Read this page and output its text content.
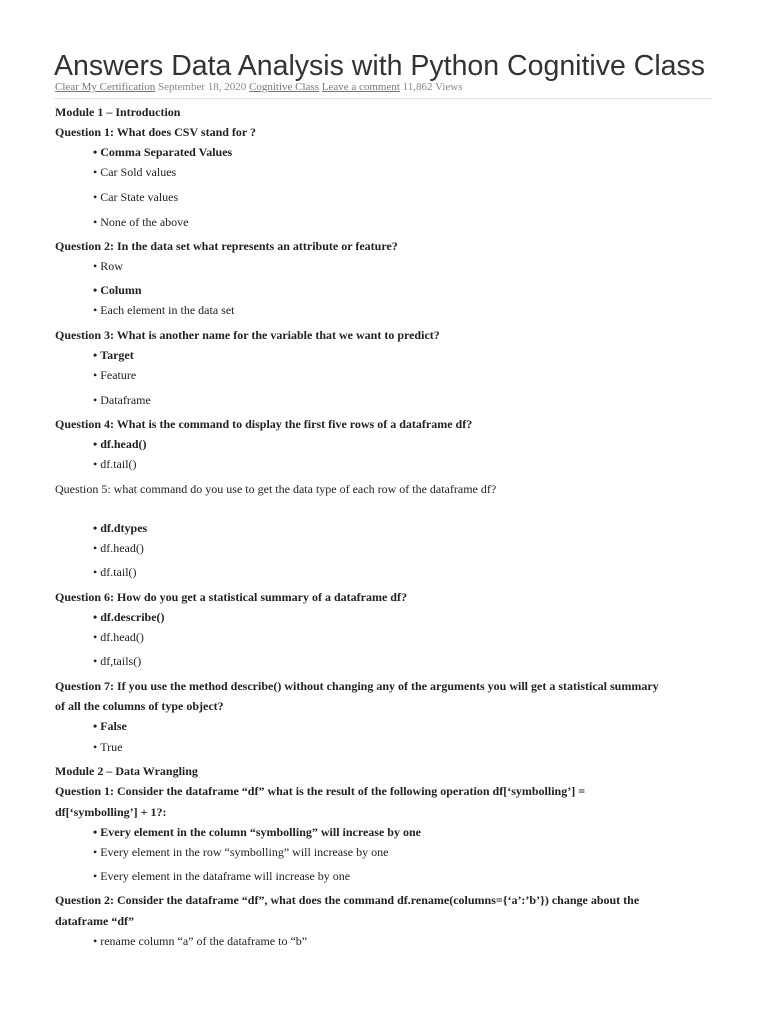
Answers Data Analysis with Python Cognitive Class
Clear My Certification September 18, 2020 Cognitive Class Leave a comment 11,862 Views
Module 1 – Introduction
Question 1: What does CSV stand for ?
• Comma Separated Values
• Car Sold values
• Car State values
• None of the above
Question 2: In the data set what represents an attribute or feature?
• Row
• Column
• Each element in the data set
Question 3: What is another name for the variable that we want to predict?
• Target
• Feature
• Dataframe
Question 4: What is the command to display the first five rows of a dataframe df?
• df.head()
• df.tail()
Question 5: what command do you use to get the data type of each row of the dataframe df?
• df.dtypes
• df.head()
• df.tail()
Question 6: How do you get a statistical summary of a dataframe df?
• df.describe()
• df.head()
• df,tails()
Question 7: If you use the method describe() without changing any of the arguments you will get a statistical summary
of all the columns of type object?
• False
• True
Module 2 – Data Wrangling
Question 1: Consider the dataframe “df” what is the result of the following operation df[‘symbolling’] =
df[‘symbolling’] + 1?:
• Every element in the column “symbolling” will increase by one
• Every element in the row “symbolling” will increase by one
• Every element in the dataframe will increase by one
Question 2: Consider the dataframe “df”, what does the command df.rename(columns={‘a’:’b’}) change about the
dataframe “df”
• rename column “a” of the dataframe to “b”
